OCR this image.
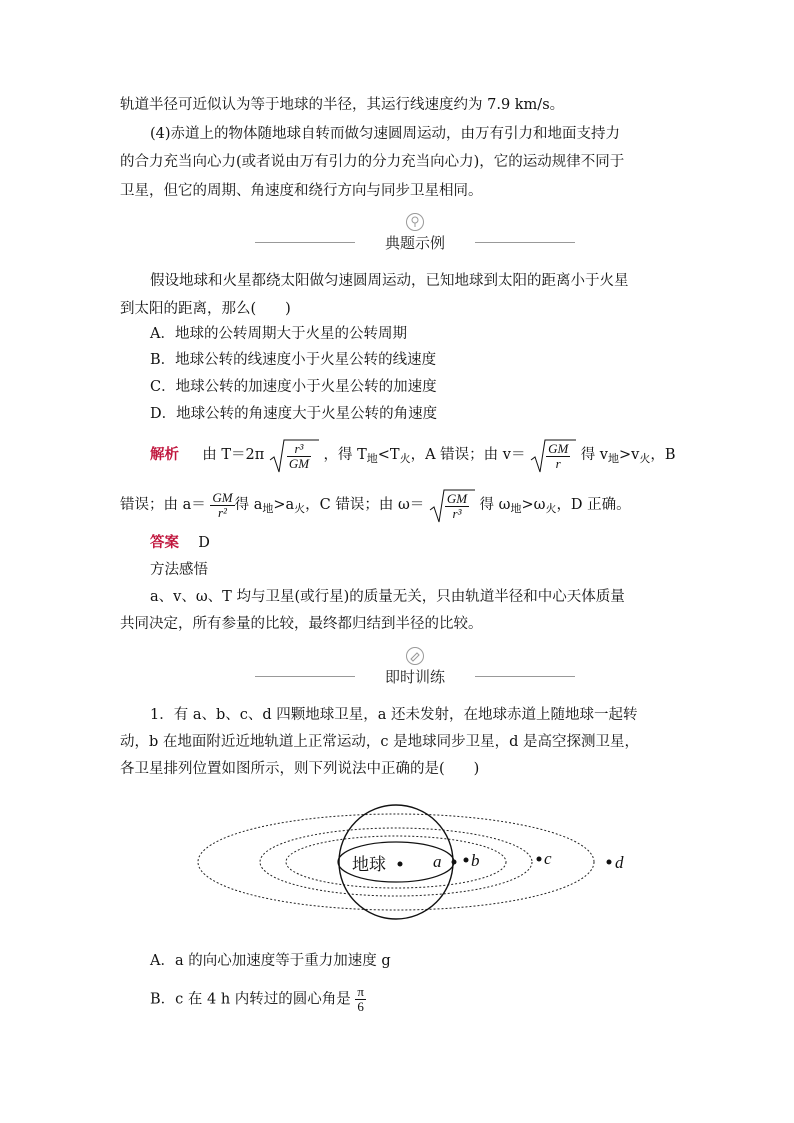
轨道半径可近似认为等于地球的半径，其运行线速度约为 7.9 km/s。
(4)赤道上的物体随地球自转而做匀速圆周运动，由万有引力和地面支持力
的合力充当向心力(或者说由万有引力的分力充当向心力)，它的运动规律不同于
卫星，但它的周期、角速度和绕行方向与同步卫星相同。
典题示例
假设地球和火星都绕太阳做匀速圆周运动，已知地球到太阳的距离小于火星
到太阳的距离，那么(　　)
A．地球的公转周期大于火星的公转周期
B．地球公转的线速度小于火星公转的线速度
C．地球公转的加速度小于火星公转的加速度
D．地球公转的角速度大于火星公转的角速度
解析 由 $T=2\pi \frac{\text{r³}}{GM}$ ，得 $T_地<T_火$，A 错误；由 $v= \frac{GM}{r}$ 得 $v_地>v_火$，B
错误；由 $a= \frac{GM}{\text{r²}}$ 得 $a_地>a_火$，C 错误；由 $\omega= \frac{GM}{\text{r³}}$ 得 $\omega_地>\omega_火$，D 正确。
答案 D
方法感悟
a、v、ω、T 均与卫星(或行星)的质量无关，只由轨道半径和中心天体质量
共同决定，所有参量的比较，最终都归结到半径的比较。
即时训练
1．有 a、b、c、d 四颗地球卫星，a 还未发射，在地球赤道上随地球一起转
动，b 在地面附近近地轨道上正常运动，c 是地球同步卫星，d 是高空探测卫星，
各卫星排列位置如图所示，则下列说法中正确的是(　　)
地球	a b	c	d
A．a 的向心加速度等于重力加速度 g
B．c 在 4 h 内转过的圆心角是 $\frac{\pi}{6}$
